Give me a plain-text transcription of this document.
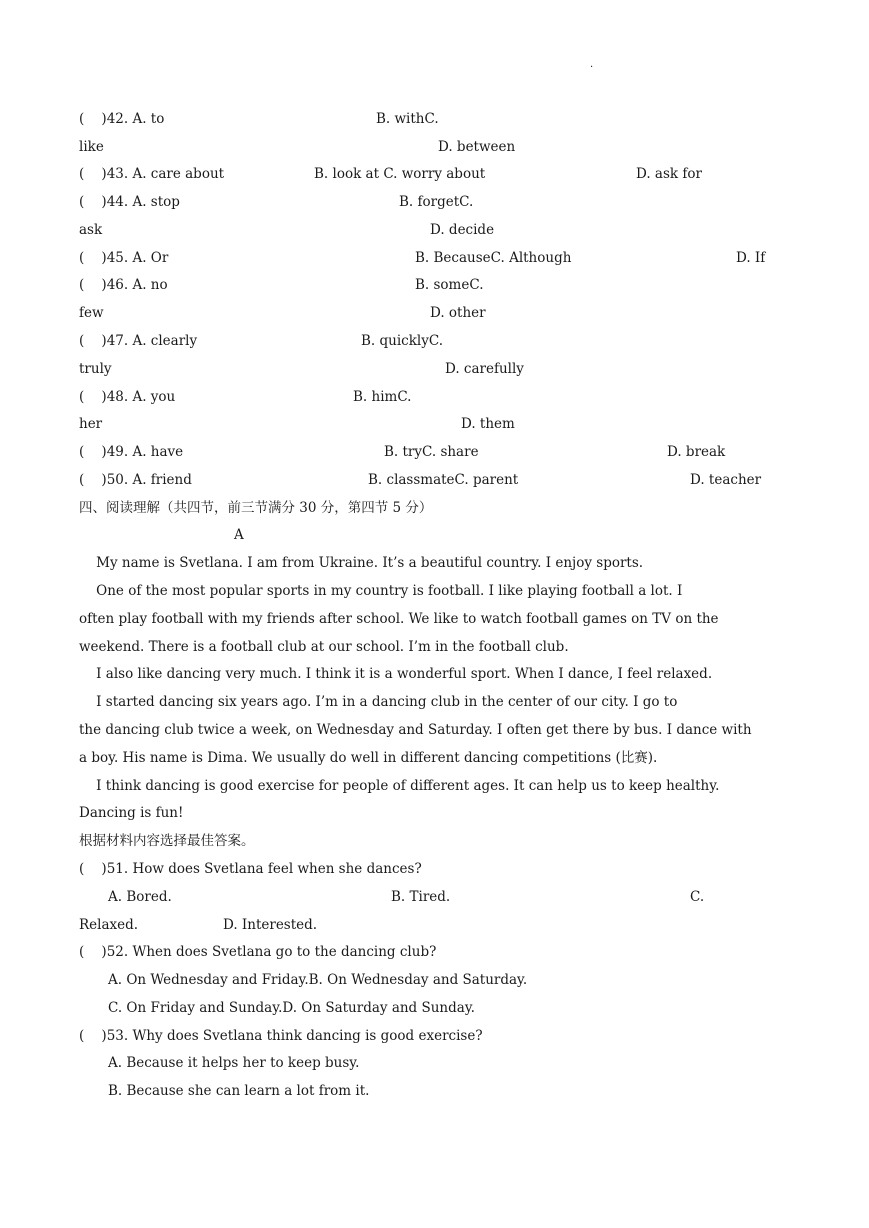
·
(    )42. A. to	B. withC.
like	D. between
(    )43. A. care about	B. look at C. worry about	D. ask for
(    )44. A. stop	B. forgetC.
ask	D. decide
(    )45. A. Or	B. BecauseC. Although	D. If
(    )46. A. no	B. someC.
few	D. other
(    )47. A. clearly	B. quicklyC.
truly	D. carefully
(    )48. A. you	B. himC.
her	D. them
(    )49. A. have	B. tryC. share	D. break
(    )50. A. friend	B. classmateC. parent	D. teacher
四、阅读理解（共四节，前三节满分 30 分，第四节 5 分）
A
My name is Svetlana. I am from Ukraine. It’s a beautiful country. I enjoy sports.
One of the most popular sports in my country is football. I like playing football a lot. I
often play football with my friends after school. We like to watch football games on TV on the
weekend. There is a football club at our school. I’m in the football club.
I also like dancing very much. I think it is a wonderful sport. When I dance, I feel relaxed.
I started dancing six years ago. I’m in a dancing club in the center of our city. I go to
the dancing club twice a week, on Wednesday and Saturday. I often get there by bus. I dance with
a boy. His name is Dima. We usually do well in different dancing competitions (比赛).
I think dancing is good exercise for people of different ages. It can help us to keep healthy.
Dancing is fun!
根据材料内容选择最佳答案。
(    )51. How does Svetlana feel when she dances?
A. Bored.	B. Tired.	C.
Relaxed.	D. Interested.
(    )52. When does Svetlana go to the dancing club?
A. On Wednesday and Friday.B. On Wednesday and Saturday.
C. On Friday and Sunday.D. On Saturday and Sunday.
(    )53. Why does Svetlana think dancing is good exercise?
A. Because it helps her to keep busy.
B. Because she can learn a lot from it.
